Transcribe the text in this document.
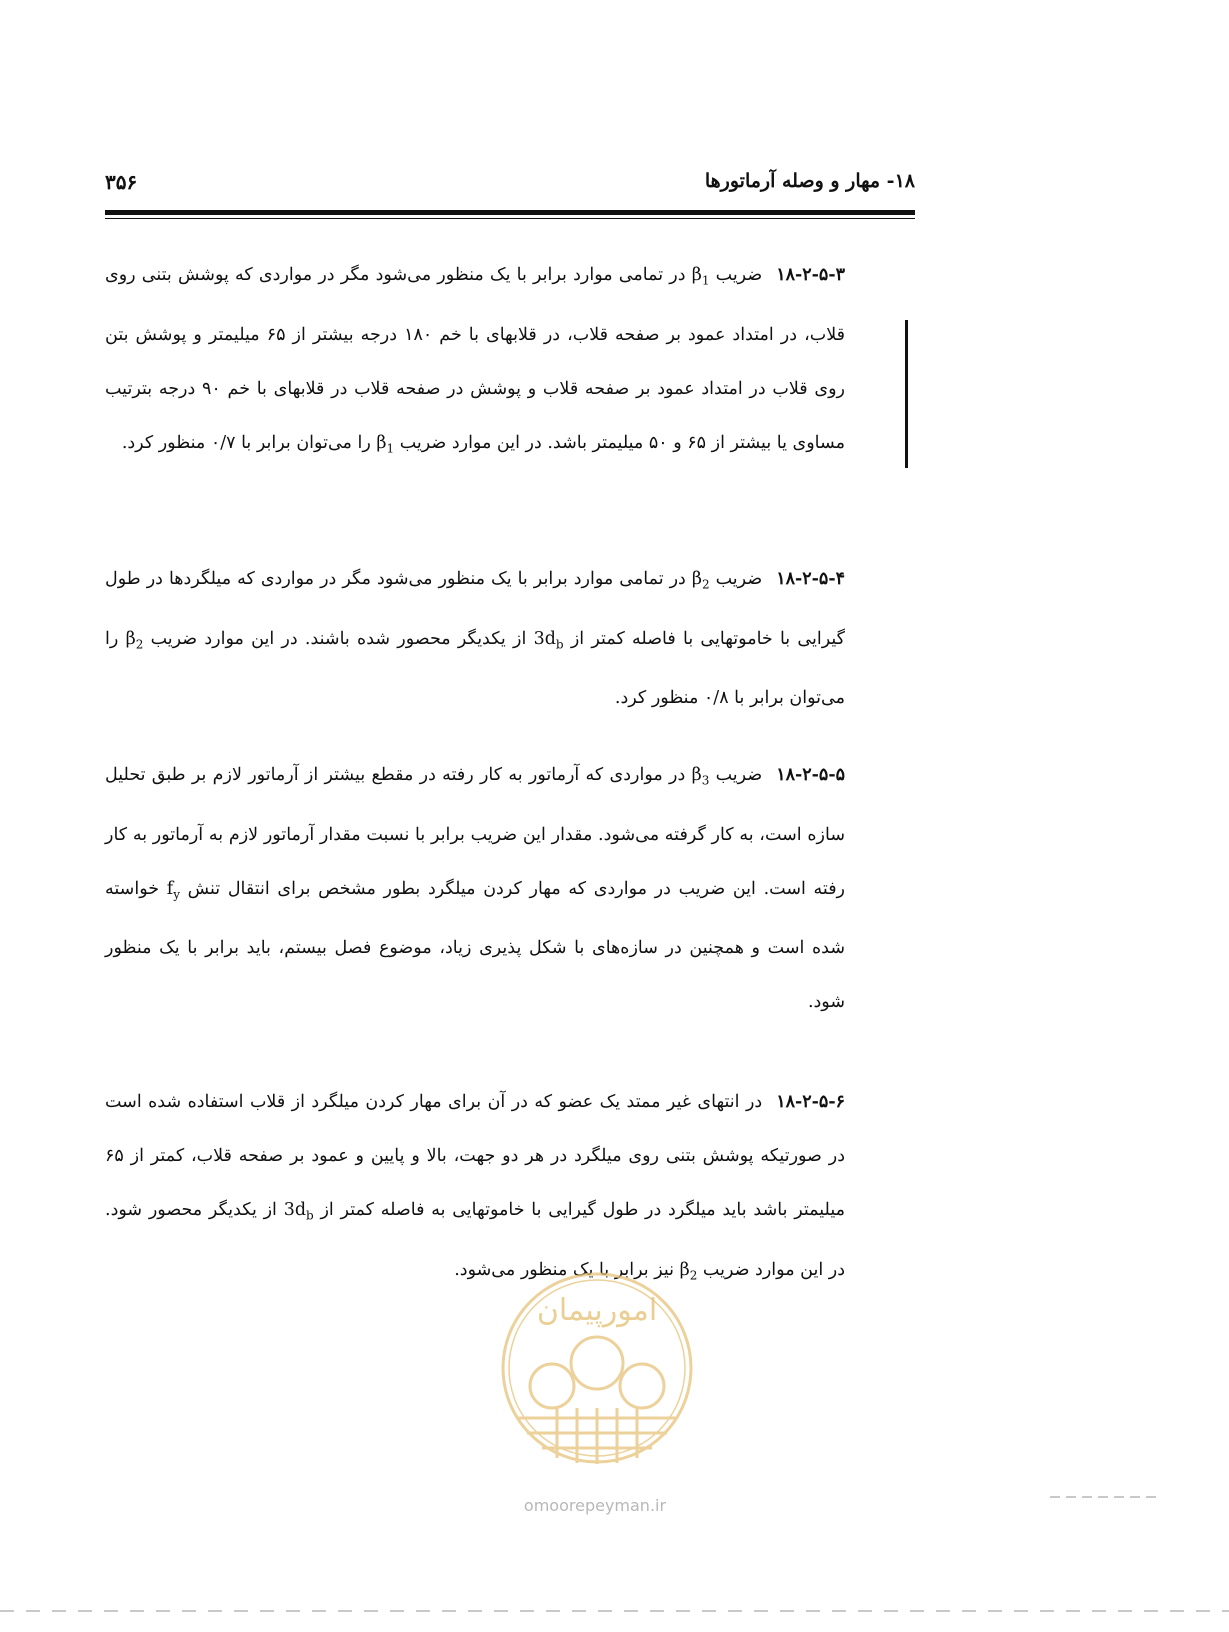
۱۸- مهار و وصله آرماتورها
۳۵۶
۱۸-۲-۵-۳ضریب $\beta_1$ در تمامی موارد برابر با یک منظور می‌شود مگر در مواردی که پوشش بتنی روی قلاب، در امتداد عمود بر صفحه قلاب، در قلابهای با خم ۱۸۰ درجه بیشتر از ۶۵ میلیمتر و پوشش بتن روی قلاب در امتداد عمود بر صفحه قلاب و پوشش در صفحه قلاب در قلابهای با خم ۹۰ درجه بترتیب مساوی یا بیشتر از ۶۵ و ۵۰ میلیمتر باشد. در این موارد ضریب $\beta_1$ را می‌توان برابر با ۰/۷ منظور کرد.
۱۸-۲-۵-۴ضریب $\beta_2$ در تمامی موارد برابر با یک منظور می‌شود مگر در مواردی که میلگردها در طول گیرایی با خاموتهایی با فاصله کمتر از $3d_b$ از یکدیگر محصور شده باشند. در این موارد ضریب $\beta_2$ را می‌توان برابر با ۰/۸ منظور کرد.
۱۸-۲-۵-۵ضریب $\beta_3$ در مواردی که آرماتور به کار رفته در مقطع بیشتر از آرماتور لازم بر طبق تحلیل سازه است، به کار گرفته می‌شود. مقدار این ضریب برابر با نسبت مقدار آرماتور لازم به آرماتور به کار رفته است. این ضریب در مواردی که مهار کردن میلگرد بطور مشخص برای انتقال تنش $f_y$ خواسته شده است و همچنین در سازه‌های با شکل پذیری زیاد، موضوع فصل بیستم، باید برابر با یک منظور شود.
۱۸-۲-۵-۶در انتهای غیر ممتد یک عضو که در آن برای مهار کردن میلگرد از قلاب استفاده شده است در صورتیکه پوشش بتنی روی میلگرد در هر دو جهت، بالا و پایین و عمود بر صفحه قلاب، کمتر از ۶۵ میلیمتر باشد باید میلگرد در طول گیرایی با خاموتهایی به فاصله کمتر از $3d_b$ از یکدیگر محصور شود. در این موارد ضریب $\beta_2$ نیز برابر با یک منظور می‌شود.
امورپیمان
omoorepeyman.ir
